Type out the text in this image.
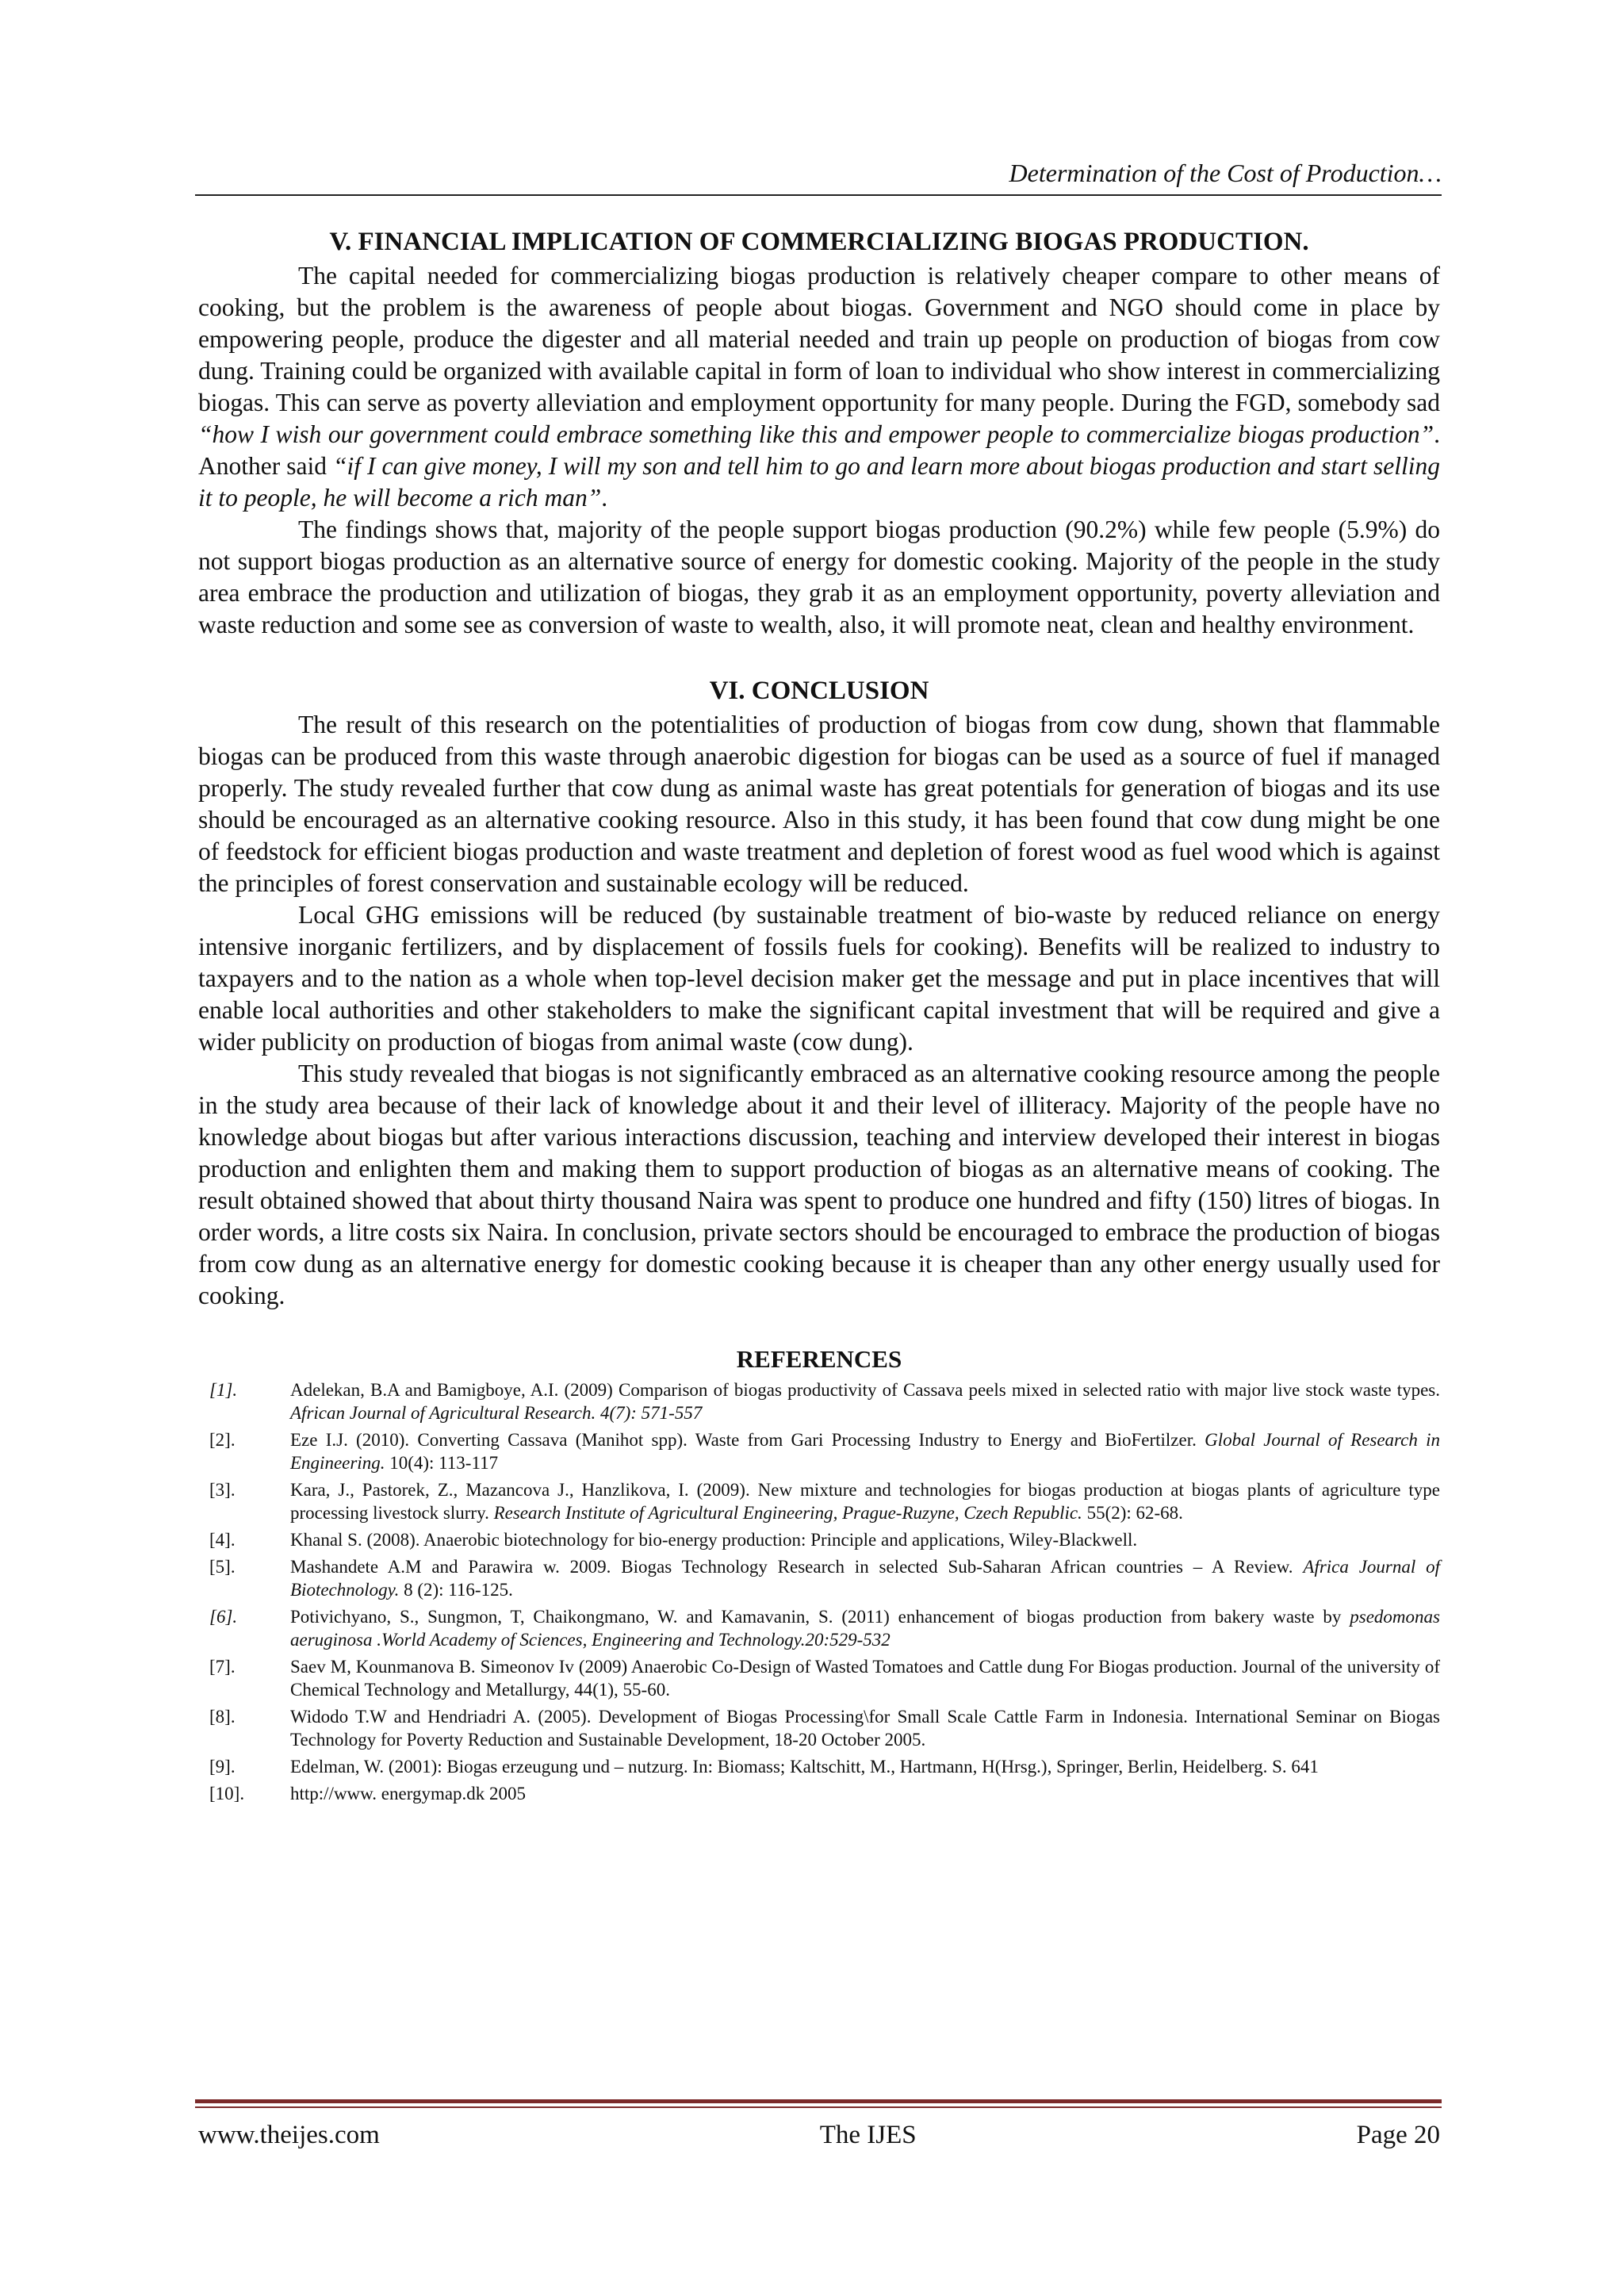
Determination of the Cost of Production…
V. FINANCIAL IMPLICATION OF COMMERCIALIZING BIOGAS PRODUCTION.

The capital needed for commercializing biogas production is relatively cheaper compare to other means of cooking, but the problem is the awareness of people about biogas. Government and NGO should come in place by empowering people, produce the digester and all material needed and train up people on production of biogas from cow dung. Training could be organized with available capital in form of loan to individual who show interest in commercializing biogas. This can serve as poverty alleviation and employment opportunity for many people. During the FGD, somebody sad “how I wish our government could embrace something like this and empower people to commercialize biogas production”. Another said “if I can give money, I will my son and tell him to go and learn more about biogas production and start selling it to people, he will become a rich man”.

The findings shows that, majority of the people support biogas production (90.2%) while few people (5.9%) do not support biogas production as an alternative source of energy for domestic cooking. Majority of the people in the study area embrace the production and utilization of biogas, they grab it as an employment opportunity, poverty alleviation and waste reduction and some see as conversion of waste to wealth, also, it will promote neat, clean and healthy environment.

VI. CONCLUSION

The result of this research on the potentialities of production of biogas from cow dung, shown that flammable biogas can be produced from this waste through anaerobic digestion for biogas can be used as a source of fuel if managed properly. The study revealed further that cow dung as animal waste has great potentials for generation of biogas and its use should be encouraged as an alternative cooking resource. Also in this study, it has been found that cow dung might be one of feedstock for efficient biogas production and waste treatment and depletion of forest wood as fuel wood which is against the principles of forest conservation and sustainable ecology will be reduced.

Local GHG emissions will be reduced (by sustainable treatment of bio-waste by reduced reliance on energy intensive inorganic fertilizers, and by displacement of fossils fuels for cooking). Benefits will be realized to industry to taxpayers and to the nation as a whole when top-level decision maker get the message and put in place incentives that will enable local authorities and other stakeholders to make the significant capital investment that will be required and give a wider publicity on production of biogas from animal waste (cow dung).

This study revealed that biogas is not significantly embraced as an alternative cooking resource among the people in the study area because of their lack of knowledge about it and their level of illiteracy. Majority of the people have no knowledge about biogas but after various interactions discussion, teaching and interview developed their interest in biogas production and enlighten them and making them to support production of biogas as an alternative means of cooking. The result obtained showed that about thirty thousand Naira was spent to produce one hundred and fifty (150) litres of biogas. In order words, a litre costs six Naira. In conclusion, private sectors should be encouraged to embrace the production of biogas from cow dung as an alternative energy for domestic cooking because it is cheaper than any other energy usually used for cooking.

REFERENCES
[1].	Adelekan, B.A and Bamigboye, A.I. (2009) Comparison of biogas productivity of Cassava peels mixed in selected ratio with major live stock waste types. African Journal of Agricultural Research. 4(7): 571-557
[2].	Eze I.J. (2010). Converting Cassava (Manihot spp). Waste from Gari Processing Industry to Energy and BioFertilzer. Global Journal of Research in Engineering. 10(4): 113-117
[3].	Kara, J., Pastorek, Z., Mazancova J., Hanzlikova, I. (2009). New mixture and technologies for biogas production at biogas plants of agriculture type processing livestock slurry. Research Institute of Agricultural Engineering, Prague-Ruzyne, Czech Republic. 55(2): 62-68.
[4].	Khanal S. (2008). Anaerobic biotechnology for bio-energy production: Principle and applications, Wiley-Blackwell.
[5].	Mashandete A.M and Parawira w. 2009. Biogas Technology Research in selected Sub-Saharan African countries – A Review. Africa Journal of Biotechnology. 8 (2): 116-125.
[6].	Potivichyano, S., Sungmon, T, Chaikongmano, W. and Kamavanin, S. (2011) enhancement of biogas production from bakery waste by psedomonas aeruginosa .World Academy of Sciences, Engineering and Technology.20:529-532
[7].	Saev M, Kounmanova B. Simeonov Iv (2009) Anaerobic Co-Design of Wasted Tomatoes and Cattle dung For Biogas production. Journal of the university of Chemical Technology and Metallurgy, 44(1), 55-60.
[8].	Widodo T.W and Hendriadri A. (2005). Development of Biogas Processing\for Small Scale Cattle Farm in Indonesia. International Seminar on Biogas Technology for Poverty Reduction and Sustainable Development, 18-20 October 2005.
[9].	Edelman, W. (2001): Biogas erzeugung und – nutzurg. In: Biomass; Kaltschitt, M., Hartmann, H(Hrsg.), Springer, Berlin, Heidelberg. S. 641
[10].	http://www. energymap.dk 2005
www.theijes.com	The IJES	Page 20
